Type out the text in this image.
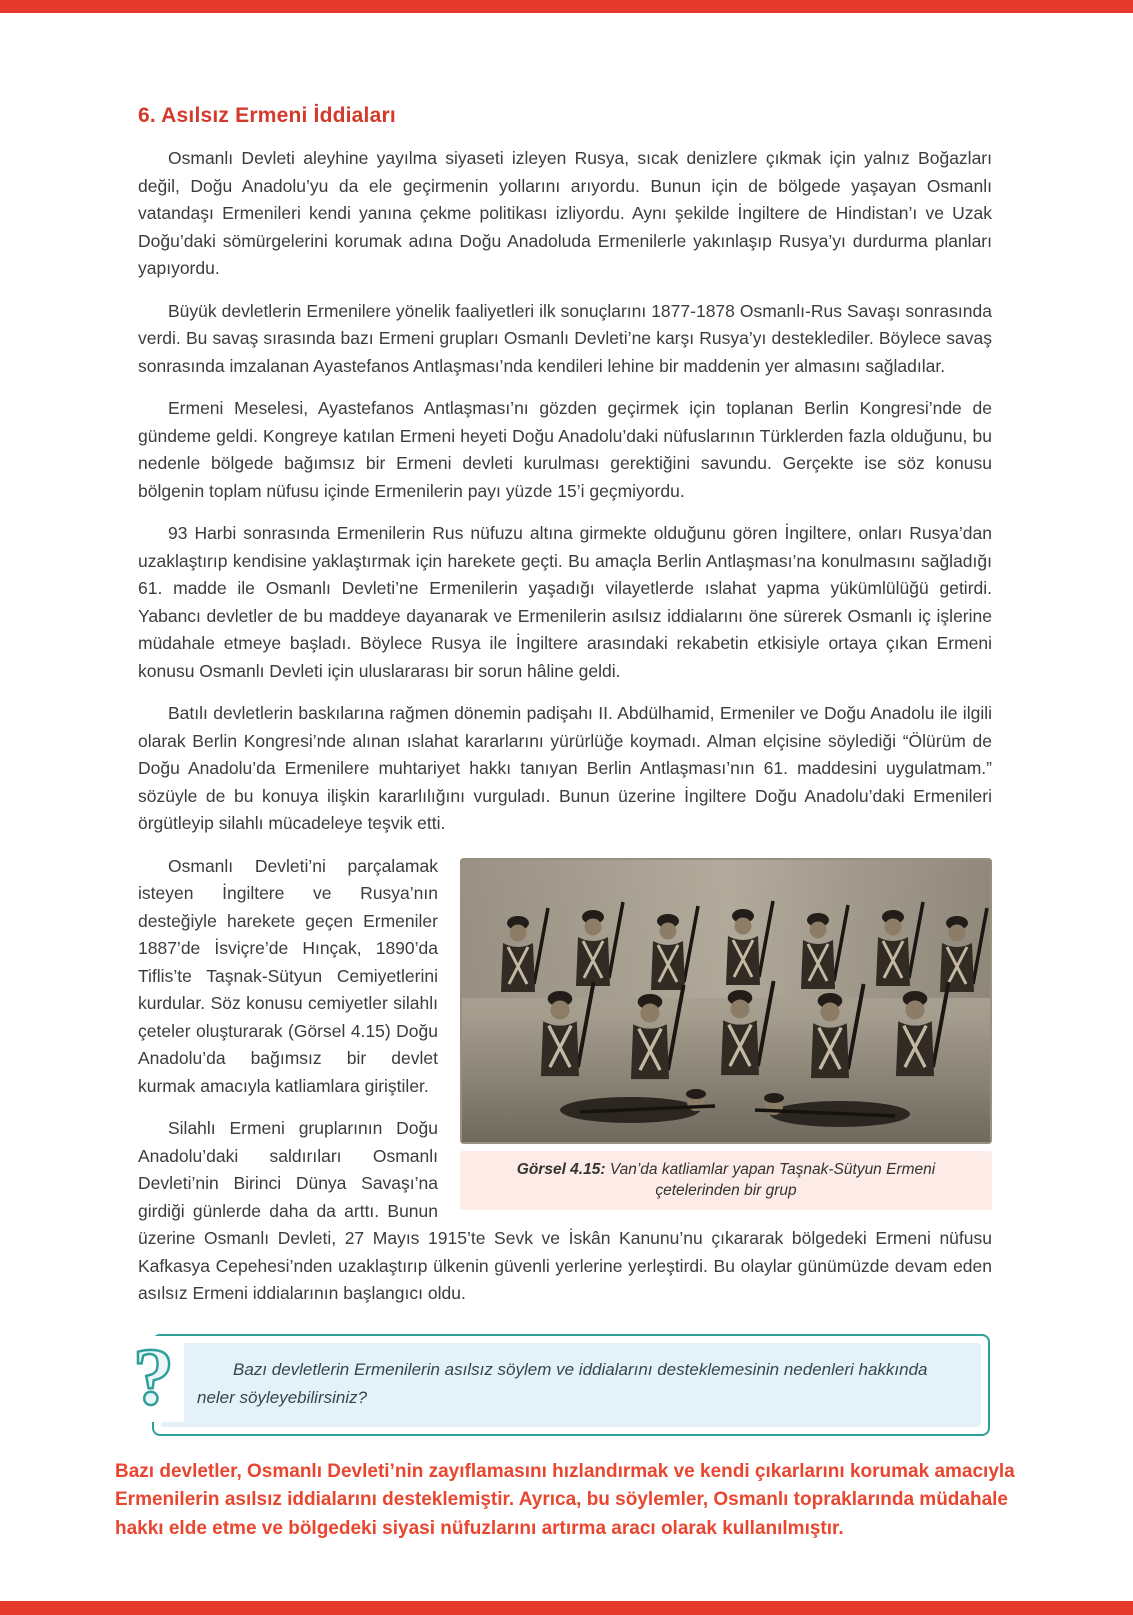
6. Asılsız Ermeni İddiaları

Osmanlı Devleti aleyhine yayılma siyaseti izleyen Rusya, sıcak denizlere çıkmak için yalnız Boğazları değil, Doğu Anadolu’yu da ele geçirmenin yollarını arıyordu. Bunun için de bölgede yaşayan Osmanlı vatandaşı Ermenileri kendi yanına çekme politikası izliyordu. Aynı şekilde İngiltere de Hindistan’ı ve Uzak Doğu’daki sömürgelerini korumak adına Doğu Anadoluda Ermenilerle yakınlaşıp Rusya’yı durdurma planları yapıyordu.

Büyük devletlerin Ermenilere yönelik faaliyetleri ilk sonuçlarını 1877-1878 Osmanlı-Rus Savaşı sonrasında verdi. Bu savaş sırasında bazı Ermeni grupları Osmanlı Devleti’ne karşı Rusya’yı desteklediler. Böylece savaş sonrasında imzalanan Ayastefanos Antlaşması’nda kendileri lehine bir maddenin yer almasını sağladılar.

Ermeni Meselesi, Ayastefanos Antlaşması’nı gözden geçirmek için toplanan Berlin Kongresi’nde de gündeme geldi. Kongreye katılan Ermeni heyeti Doğu Anadolu’daki nüfuslarının Türklerden fazla olduğunu, bu nedenle bölgede bağımsız bir Ermeni devleti kurulması gerektiğini savundu. Gerçekte ise söz konusu bölgenin toplam nüfusu içinde Ermenilerin payı yüzde 15’i geçmiyordu.

93 Harbi sonrasında Ermenilerin Rus nüfuzu altına girmekte olduğunu gören İngiltere, onları Rusya’dan uzaklaştırıp kendisine yaklaştırmak için harekete geçti. Bu amaçla Berlin Antlaşması’na konulmasını sağladığı 61. madde ile Osmanlı Devleti’ne Ermenilerin yaşadığı vilayetlerde ıslahat yapma yükümlülüğü getirdi. Yabancı devletler de bu maddeye dayanarak ve Ermenilerin asılsız iddialarını öne sürerek Osmanlı iç işlerine müdahale etmeye başladı. Böylece Rusya ile İngiltere arasındaki rekabetin etkisiyle ortaya çıkan Ermeni konusu Osmanlı Devleti için uluslararası bir sorun hâline geldi.

Batılı devletlerin baskılarına rağmen dönemin padişahı II. Abdülhamid, Ermeniler ve Doğu Anadolu ile ilgili olarak Berlin Kongresi’nde alınan ıslahat kararlarını yürürlüğe koymadı. Alman elçisine söylediği “Ölürüm de Doğu Anadolu’da Ermenilere muhtariyet hakkı tanıyan Berlin Antlaşması’nın 61. maddesini uygulatmam.” sözüyle de bu konuya ilişkin kararlılığını vurguladı. Bunun üzerine İngiltere Doğu Anadolu’daki Ermenileri örgütleyip silahlı mücadeleye teşvik etti.

Görsel 4.15: Van’da katliamlar yapan Taşnak-Sütyun Ermeni çetelerinden bir grup

Osmanlı Devleti’ni parçalamak isteyen İngiltere ve Rusya’nın desteğiyle harekete geçen Ermeniler 1887’de İsviçre’de Hınçak, 1890’da Tiflis’te Taşnak-Sütyun Cemiyetlerini kurdular. Söz konusu cemiyetler silahlı çeteler oluşturarak (Görsel 4.15) Doğu Anadolu’da bağımsız bir devlet kurmak amacıyla katliamlara giriştiler.

Silahlı Ermeni gruplarının Doğu Anadolu’daki saldırıları Osmanlı Devleti’nin Birinci Dünya Savaşı’na girdiği günlerde daha da arttı. Bunun üzerine Osmanlı Devleti, 27 Mayıs 1915’te Sevk ve İskân Kanunu’nu çıkararak bölgedeki Ermeni nüfusu Kafkasya Cepehesi’nden uzaklaştırıp ülkenin güvenli yerlerine yerleştirdi. Bu olaylar günümüzde devam eden asılsız Ermeni iddialarının başlangıcı oldu.

Bazı devletlerin Ermenilerin asılsız söylem ve iddialarını desteklemesinin nedenleri hakkında neler söyleyebilirsiniz?
?

Bazı devletler, Osmanlı Devleti’nin zayıflamasını hızlandırmak ve kendi çıkarlarını korumak amacıyla Ermenilerin asılsız iddialarını desteklemiştir. Ayrıca, bu söylemler, Osmanlı topraklarında müdahale hakkı elde etme ve bölgedeki siyasi nüfuzlarını artırma aracı olarak kullanılmıştır.
